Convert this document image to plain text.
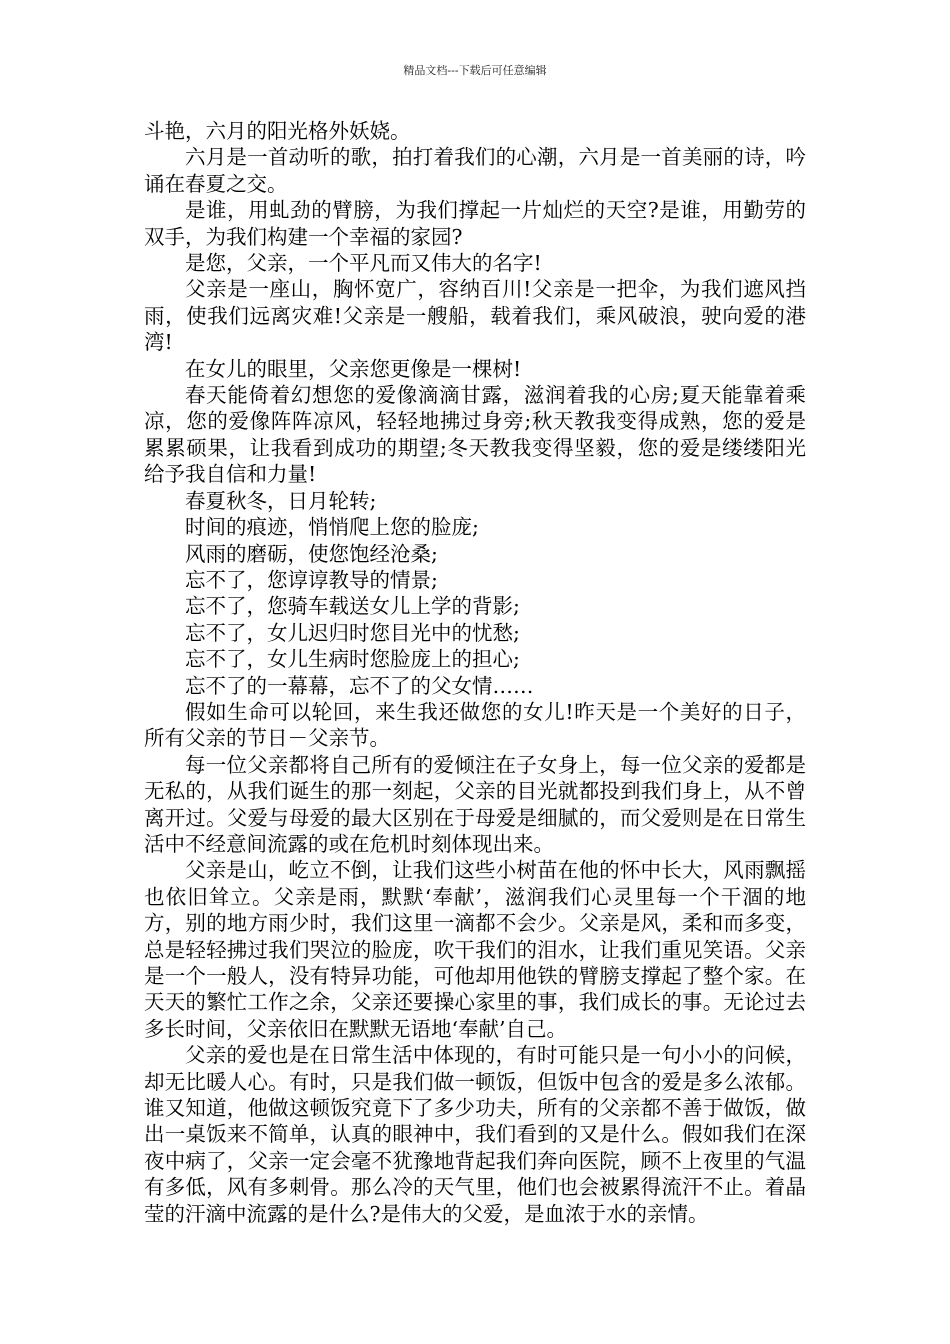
精品文档---下载后可任意编辑

斗艳，六月的阳光格外妖娆。

六月是一首动听的歌，拍打着我们的心潮，六月是一首美丽的诗，吟诵在春夏之交。

是谁，用虬劲的臂膀，为我们撑起一片灿烂的天空?是谁，用勤劳的双手，为我们构建一个幸福的家园?

是您，父亲，一个平凡而又伟大的名字!

父亲是一座山，胸怀宽广，容纳百川!父亲是一把伞，为我们遮风挡雨，使我们远离灾难!父亲是一艘船，载着我们，乘风破浪，驶向爱的港湾!

在女儿的眼里，父亲您更像是一棵树!

春天能倚着幻想您的爱像滴滴甘露，滋润着我的心房;夏天能靠着乘凉，您的爱像阵阵凉风，轻轻地拂过身旁;秋天教我变得成熟，您的爱是累累硕果，让我看到成功的期望;冬天教我变得坚毅，您的爱是缕缕阳光给予我自信和力量!

春夏秋冬，日月轮转;

时间的痕迹，悄悄爬上您的脸庞;

风雨的磨砺，使您饱经沧桑;

忘不了，您谆谆教导的情景;

忘不了，您骑车载送女儿上学的背影;

忘不了，女儿迟归时您目光中的忧愁;

忘不了，女儿生病时您脸庞上的担心;

忘不了的一幕幕，忘不了的父女情……

假如生命可以轮回，来生我还做您的女儿!昨天是一个美好的日子，所有父亲的节日－父亲节。

每一位父亲都将自己所有的爱倾注在子女身上，每一位父亲的爱都是无私的，从我们诞生的那一刻起，父亲的目光就都投到我们身上，从不曾离开过。父爱与母爱的最大区别在于母爱是细腻的，而父爱则是在日常生活中不经意间流露的或在危机时刻体现出来。

父亲是山，屹立不倒，让我们这些小树苗在他的怀中长大，风雨飘摇也依旧耸立。父亲是雨，默默‘奉献’，滋润我们心灵里每一个干涸的地方，别的地方雨少时，我们这里一滴都不会少。父亲是风，柔和而多变，总是轻轻拂过我们哭泣的脸庞，吹干我们的泪水，让我们重见笑语。父亲是一个一般人，没有特异功能，可他却用他铁的臂膀支撑起了整个家。在天天的繁忙工作之余，父亲还要操心家里的事，我们成长的事。无论过去多长时间，父亲依旧在默默无语地‘奉献’自己。

父亲的爱也是在日常生活中体现的，有时可能只是一句小小的问候，却无比暖人心。有时，只是我们做一顿饭，但饭中包含的爱是多么浓郁。谁又知道，他做这顿饭究竟下了多少功夫，所有的父亲都不善于做饭，做出一桌饭来不简单，认真的眼神中，我们看到的又是什么。假如我们在深夜中病了，父亲一定会毫不犹豫地背起我们奔向医院，顾不上夜里的气温有多低，风有多刺骨。那么冷的天气里，他们也会被累得流汗不止。着晶莹的汗滴中流露的是什么?是伟大的父爱，是血浓于水的亲情。
